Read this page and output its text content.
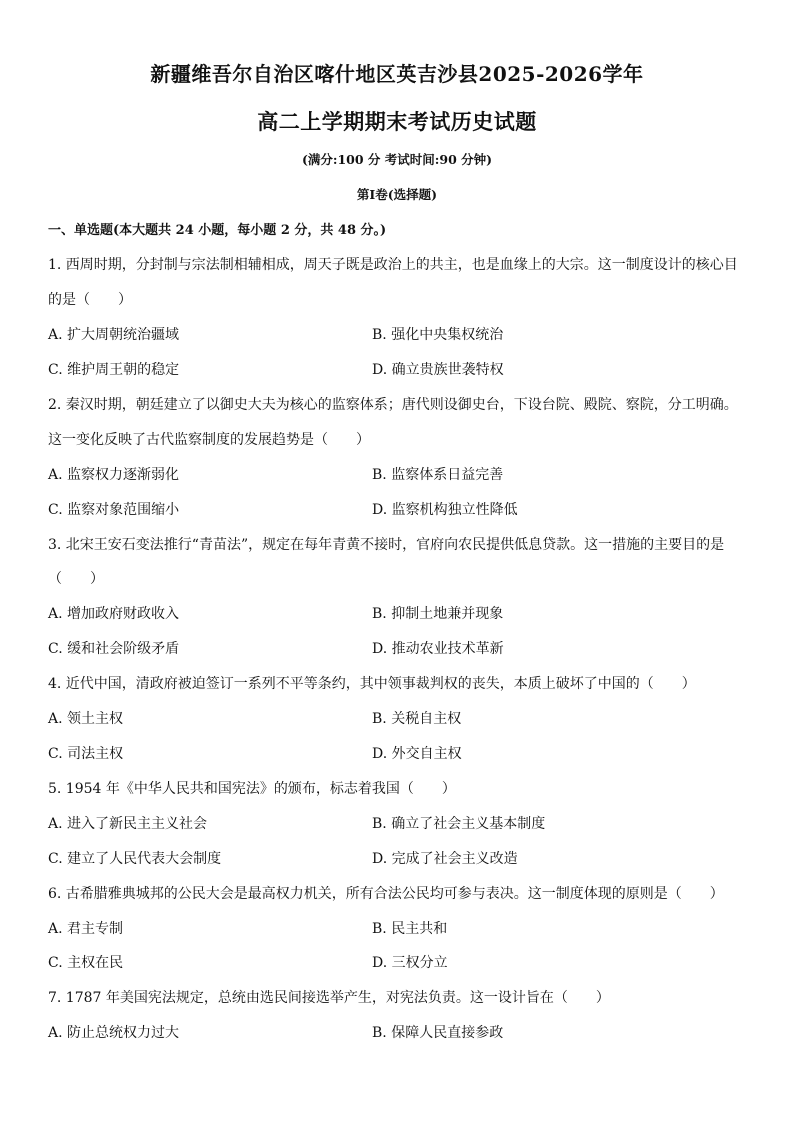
新疆维吾尔自治区喀什地区英吉沙县2025-2026学年
高二上学期期末考试历史试题
(满分:100 分 考试时间:90 分钟)
第Ⅰ卷(选择题)
一、单选题(本大题共 24 小题，每小题 2 分，共 48 分。)
1. 西周时期，分封制与宗法制相辅相成，周天子既是政治上的共主，也是血缘上的大宗。这一制度设计的核心目
的是（　　）
A. 扩大周朝统治疆域	B. 强化中央集权统治
C. 维护周王朝的稳定	D. 确立贵族世袭特权
2. 秦汉时期，朝廷建立了以御史大夫为核心的监察体系；唐代则设御史台，下设台院、殿院、察院，分工明确。
这一变化反映了古代监察制度的发展趋势是（　　）
A. 监察权力逐渐弱化	B. 监察体系日益完善
C. 监察对象范围缩小	D. 监察机构独立性降低
3. 北宋王安石变法推行“青苗法”，规定在每年青黄不接时，官府向农民提供低息贷款。这一措施的主要目的是
（　　）
A. 增加政府财政收入	B. 抑制土地兼并现象
C. 缓和社会阶级矛盾	D. 推动农业技术革新
4. 近代中国，清政府被迫签订一系列不平等条约，其中领事裁判权的丧失，本质上破坏了中国的（　　）
A. 领土主权	B. 关税自主权
C. 司法主权	D. 外交自主权
5. 1954 年《中华人民共和国宪法》的颁布，标志着我国（　　）
A. 进入了新民主主义社会	B. 确立了社会主义基本制度
C. 建立了人民代表大会制度	D. 完成了社会主义改造
6. 古希腊雅典城邦的公民大会是最高权力机关，所有合法公民均可参与表决。这一制度体现的原则是（　　）
A. 君主专制	B. 民主共和
C. 主权在民	D. 三权分立
7. 1787 年美国宪法规定，总统由选民间接选举产生，对宪法负责。这一设计旨在（　　）
A. 防止总统权力过大	B. 保障人民直接参政
